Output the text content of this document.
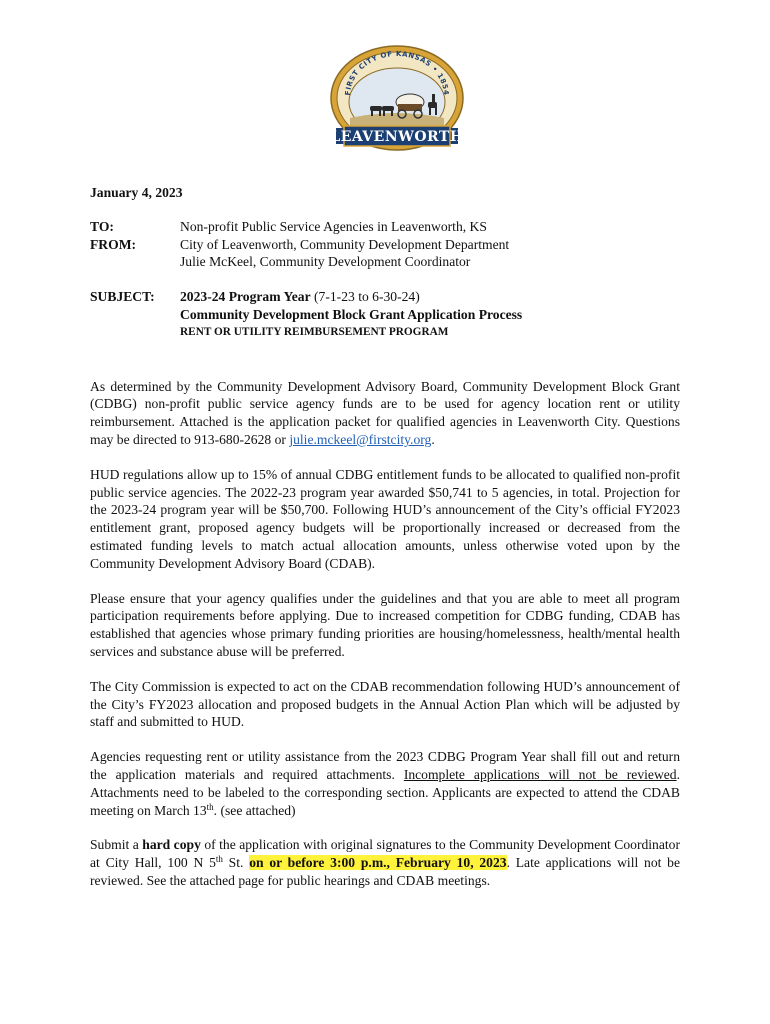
FIRST CITY OF KANSAS • 1854
LEAVENWORTH
January 4, 2023
TO:	Non-profit Public Service Agencies in Leavenworth, KS
FROM:	City of Leavenworth, Community Development Department
Julie McKeel, Community Development Coordinator
SUBJECT:	2023-24 Program Year (7-1-23 to 6-30-24)
Community Development Block Grant Application Process
RENT OR UTILITY REIMBURSEMENT PROGRAM

As determined by the Community Development Advisory Board, Community Development Block Grant (CDBG) non-profit public service agency funds are to be used for agency location rent or utility reimbursement. Attached is the application packet for qualified agencies in Leavenworth City. Questions may be directed to 913-680-2628 or julie.mckeel@firstcity.org.

HUD regulations allow up to 15% of annual CDBG entitlement funds to be allocated to qualified non-profit public service agencies. The 2022-23 program year awarded $50,741 to 5 agencies, in total. Projection for the 2023-24 program year will be $50,700. Following HUD’s announcement of the City’s official FY2023 entitlement grant, proposed agency budgets will be proportionally increased or decreased from the estimated funding levels to match actual allocation amounts, unless otherwise voted upon by the Community Development Advisory Board (CDAB).

Please ensure that your agency qualifies under the guidelines and that you are able to meet all program participation requirements before applying. Due to increased competition for CDBG funding, CDAB has established that agencies whose primary funding priorities are housing/homelessness, health/mental health services and substance abuse will be preferred.

The City Commission is expected to act on the CDAB recommendation following HUD’s announcement of the City’s FY2023 allocation and proposed budgets in the Annual Action Plan which will be adjusted by staff and submitted to HUD.

Agencies requesting rent or utility assistance from the 2023 CDBG Program Year shall fill out and return the application materials and required attachments. Incomplete applications will not be reviewed. Attachments need to be labeled to the corresponding section. Applicants are expected to attend the CDAB meeting on March 13th. (see attached)

Submit a hard copy of the application with original signatures to the Community Development Coordinator at City Hall, 100 N 5th St. on or before 3:00 p.m., February 10, 2023. Late applications will not be reviewed. See the attached page for public hearings and CDAB meetings.
